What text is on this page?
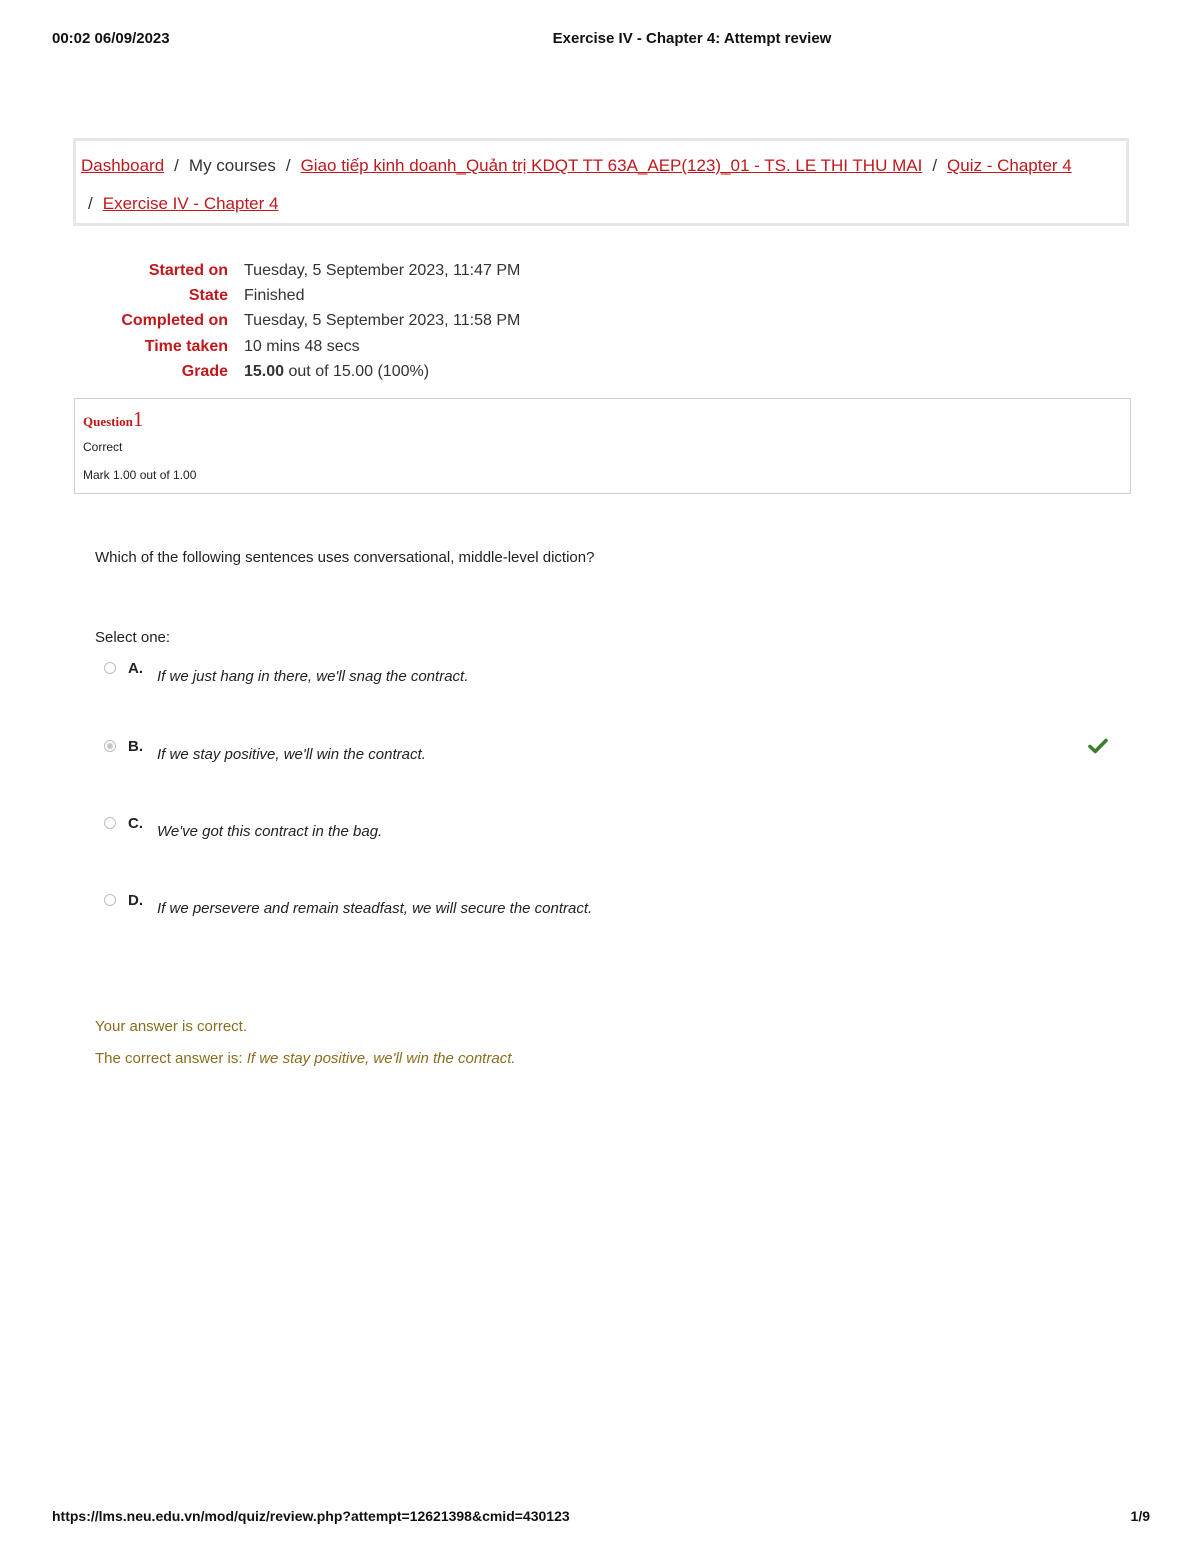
00:02 06/09/2023	Exercise IV - Chapter 4: Attempt review
Dashboard / My courses / Giao tiếp kinh doanh_Quản trị KDQT TT 63A_AEP(123)_01 - TS. LE THI THU MAI / Quiz - Chapter 4
/ Exercise IV - Chapter 4
Started on	Tuesday, 5 September 2023, 11:47 PM
State	Finished
Completed on	Tuesday, 5 September 2023, 11:58 PM
Time taken	10 mins 48 secs
Grade	15.00 out of 15.00 (100%)
Question1
Correct
Mark 1.00 out of 1.00
Which of the following sentences uses conversational, middle-level diction?
Select one:
A. If we just hang in there, we'll snag the contract.
B. If we stay positive, we'll win the contract.
C. We've got this contract in the bag.
D. If we persevere and remain steadfast, we will secure the contract.
Your answer is correct.
The correct answer is: If we stay positive, we'll win the contract.
https://lms.neu.edu.vn/mod/quiz/review.php?attempt=12621398&cmid=430123	1/9
